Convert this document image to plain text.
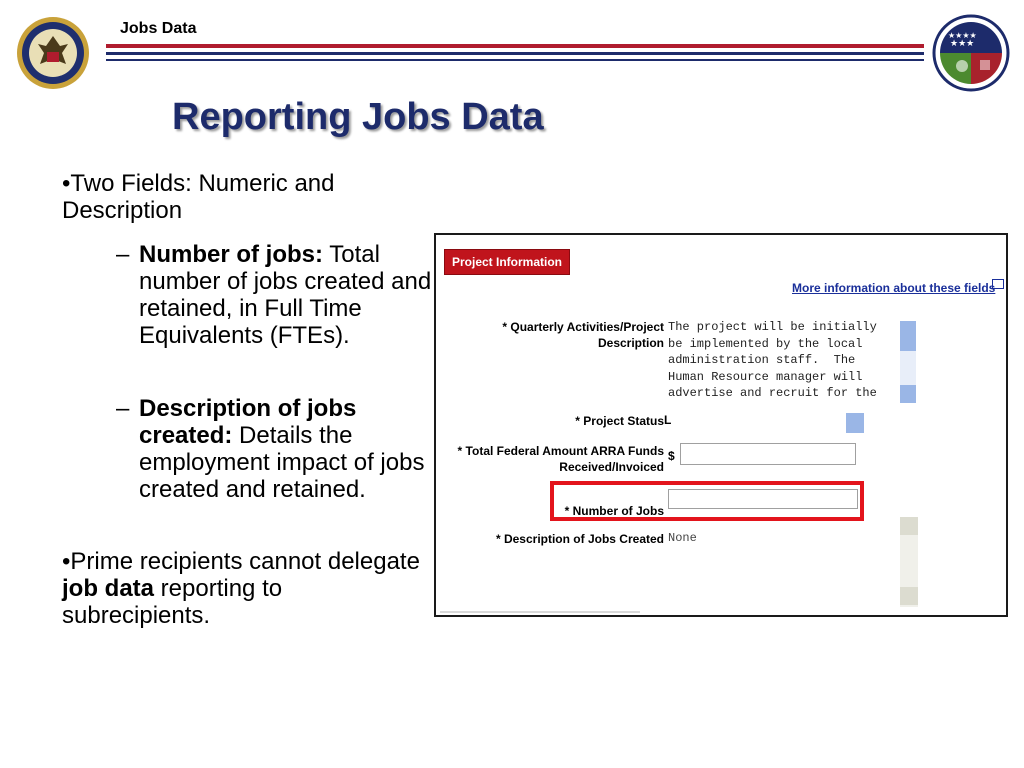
Jobs Data
★★★
★★★★
Reporting Jobs Data
•Two Fields: Numeric and Description
– Number of jobs: Total number of jobs created and retained, in Full Time Equivalents (FTEs).
– Description of jobs created: Details the employment impact of jobs created and retained.
•Prime recipients cannot delegate job data reporting to subrecipients.
Project Information
More information about these fields
* Quarterly Activities/Project Description
The project will be initially
be implemented by the local
administration staff.  The
Human Resource manager will
advertise and recruit for the
* Project Status L
* Total Federal Amount ARRA Funds Received/Invoiced
$
* Number of Jobs
* Description of Jobs Created None
